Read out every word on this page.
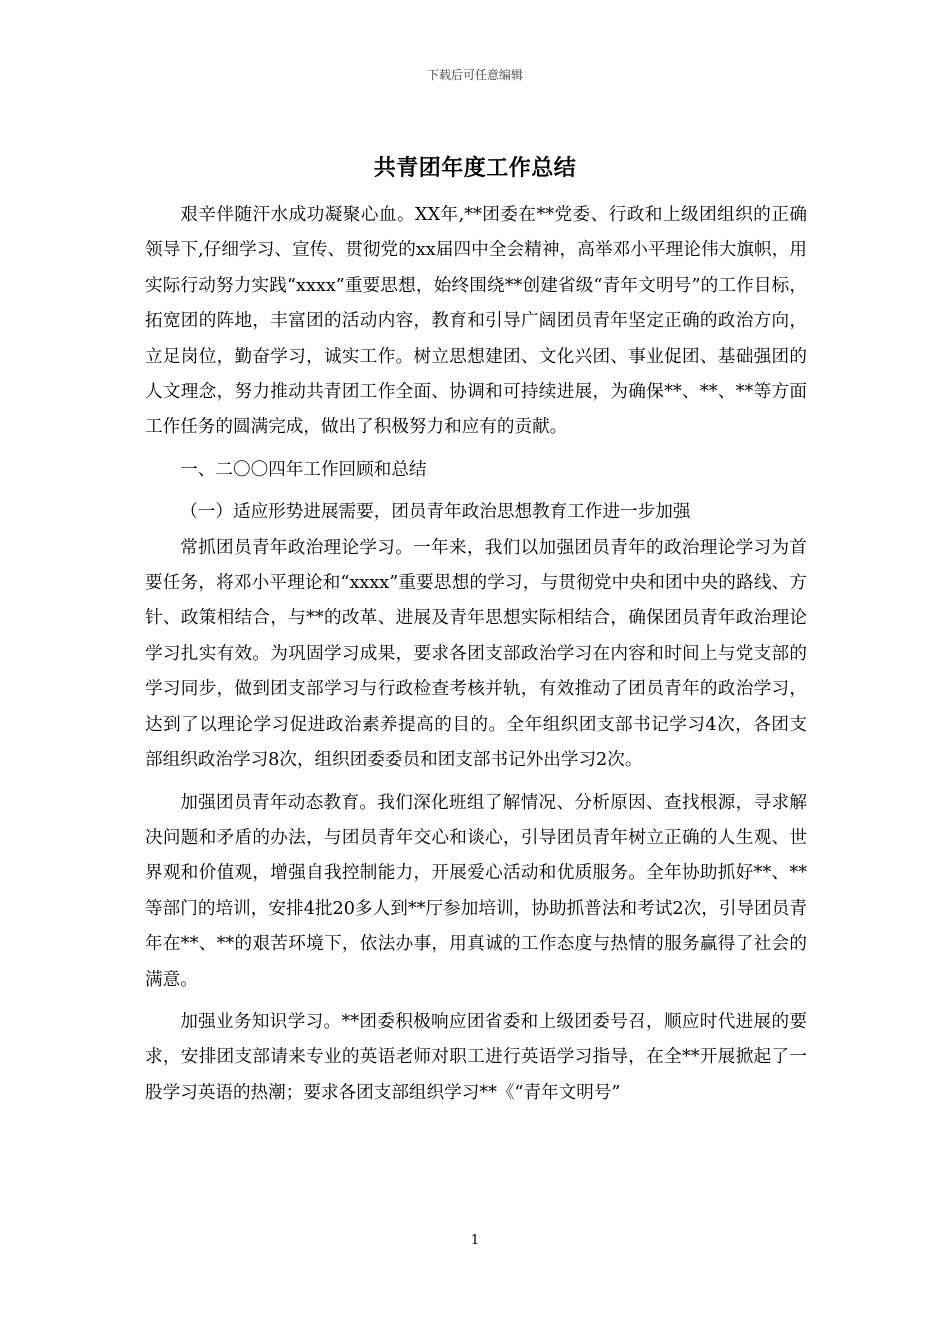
下载后可任意编辑
共青团年度工作总结

艰辛伴随汗水成功凝聚心血。XX年,**团委在**党委、行政和上级团组织的正确领导下,仔细学习、宣传、贯彻党的xx届四中全会精神，高举邓小平理论伟大旗帜，用实际行动努力实践“xxxx”重要思想，始终围绕**创建省级“青年文明号”的工作目标，拓宽团的阵地，丰富团的活动内容，教育和引导广阔团员青年坚定正确的政治方向，立足岗位，勤奋学习，诚实工作。树立思想建团、文化兴团、事业促团、基础强团的人文理念，努力推动共青团工作全面、协调和可持续进展，为确保**、**、**等方面工作任务的圆满完成，做出了积极努力和应有的贡献。

一、二〇〇四年工作回顾和总结

（一）适应形势进展需要，团员青年政治思想教育工作进一步加强

常抓团员青年政治理论学习。一年来，我们以加强团员青年的政治理论学习为首要任务，将邓小平理论和“xxxx”重要思想的学习，与贯彻党中央和团中央的路线、方针、政策相结合，与**的改革、进展及青年思想实际相结合，确保团员青年政治理论学习扎实有效。为巩固学习成果，要求各团支部政治学习在内容和时间上与党支部的学习同步，做到团支部学习与行政检查考核并轨，有效推动了团员青年的政治学习，达到了以理论学习促进政治素养提高的目的。全年组织团支部书记学习4次，各团支部组织政治学习8次，组织团委委员和团支部书记外出学习2次。

加强团员青年动态教育。我们深化班组了解情况、分析原因、查找根源，寻求解决问题和矛盾的办法，与团员青年交心和谈心，引导团员青年树立正确的人生观、世界观和价值观，增强自我控制能力，开展爱心活动和优质服务。全年协助抓好**、**等部门的培训，安排4批20多人到**厅参加培训，协助抓普法和考试2次，引导团员青年在**、**的艰苦环境下，依法办事，用真诚的工作态度与热情的服务赢得了社会的满意。

加强业务知识学习。**团委积极响应团省委和上级团委号召，顺应时代进展的要求，安排团支部请来专业的英语老师对职工进行英语学习指导，在全**开展掀起了一股学习英语的热潮；要求各团支部组织学习**《“青年文明号”

1
